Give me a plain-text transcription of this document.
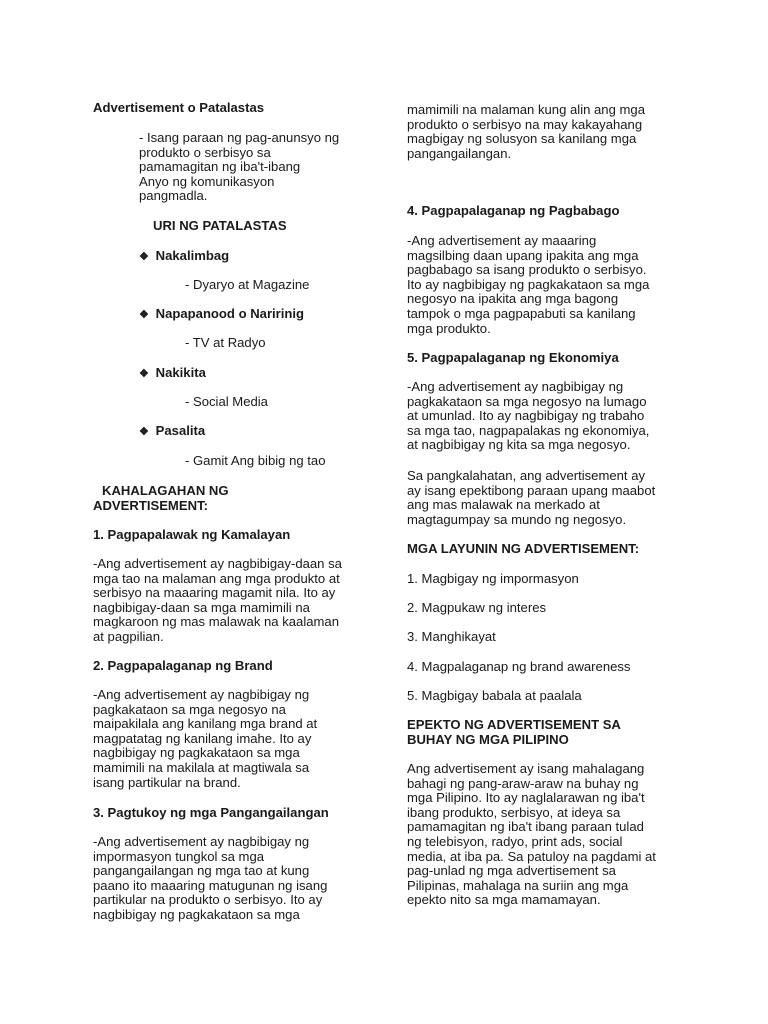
Advertisement o Patalastas

- Isang paraan ng pag-anunsyo ng
produktο o serbisyo sa
pamamagitan ng iba't-ibang
Anyo ng komunikasyon
pangmadla.

URI NG PATALASTAS

❖ Nakalimbag

- Dyaryo at Magazine

❖ Napapanood o Naririnig

- TV at Radyo

❖ Nakikita

- Social Media

❖ Pasalita

- Gamit Ang bibig ng tao

KAHALAGAHAN NG
ADVERTISEMENT:

1. Pagpapalawak ng Kamalayan

-Ang advertisement ay nagbibigay-daan sa
mga tao na malaman ang mga produkto at
serbisyo na maaaring magamit nila. Ito ay
nagbibigay-daan sa mga mamimili na
magkaroon ng mas malawak na kaalaman
at pagpilian.

2. Pagpapalaganap ng Brand

-Ang advertisement ay nagbibigay ng
pagkakataon sa mga negosyo na
maipakilala ang kanilang mga brand at
magpatatag ng kanilang imahe. Ito ay
nagbibigay ng pagkakataon sa mga
mamimili na makilala at magtiwala sa
isang partikular na brand.

3. Pagtukoy ng mga Pangangailangan

-Ang advertisement ay nagbibigay ng
impormasyon tungkol sa mga
pangangailangan ng mga tao at kung
paano ito maaaring matugunan ng isang
partikular na produkto o serbisyo. Ito ay
nagbibigay ng pagkakataon sa mga

mamimili na malaman kung alin ang mga
produkto o serbisyo na may kakayahang
magbigay ng solusyon sa kanilang mga
pangangailangan.

4. Pagpapalaganap ng Pagbabago

-Ang advertisement ay maaaring
magsilbing daan upang ipakita ang mga
pagbabago sa isang produkto o serbisyo.
Ito ay nagbibigay ng pagkakataon sa mga
negosyo na ipakita ang mga bagong
tampok o mga pagpapabuti sa kanilang
mga produkto.

5. Pagpapalaganap ng Ekonomiya

-Ang advertisement ay nagbibigay ng
pagkakataon sa mga negosyo na lumago
at umunlad. Ito ay nagbibigay ng trabaho
sa mga tao, nagpapalakas ng ekonomiya,
at nagbibigay ng kita sa mga negosyo.

Sa pangkalahatan, ang advertisement ay
ay isang epektibong paraan upang maabot
ang mas malawak na merkado at
magtagumpay sa mundo ng negosyo.

MGA LAYUNIN NG ADVERTISEMENT:

1. Magbigay ng impormasyon

2. Magpukaw ng interes

3. Manghikayat

4. Magpalaganap ng brand awareness

5. Magbigay babala at paalala

EPEKTO NG ADVERTISEMENT SA
BUHAY NG MGA PILIPINO

Ang advertisement ay isang mahalagang
bahagi ng pang-araw-araw na buhay ng
mga Pilipino. Ito ay naglalarawan ng iba't
ibang produkto, serbisyo, at ideya sa
pamamagitan ng iba't ibang paraan tulad
ng telebisyon, radyo, print ads, social
media, at iba pa. Sa patuloy na pagdami at
pag-unlad ng mga advertisement sa
Pilipinas, mahalaga na suriin ang mga
epekto nito sa mga mamamayan.
